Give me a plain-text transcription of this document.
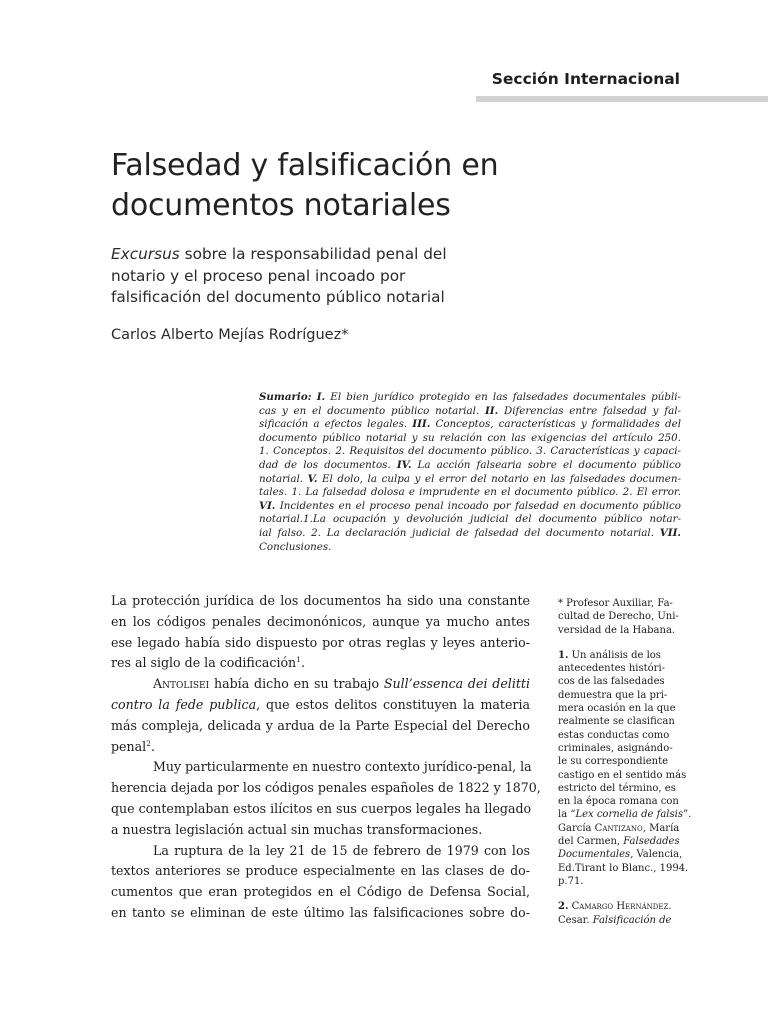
Sección Internacional
Falsedad y falsificación en
documentos notariales
Excursus sobre la responsabilidad penal del
notario y el proceso penal incoado por
falsificación del documento público notarial
Carlos Alberto Mejías Rodríguez*
Sumario: I. El bien jurídico protegido en las falsedades documentales públi-
cas y en el documento público notarial. II. Diferencias entre falsedad y fal-
sificación a efectos legales. III. Conceptos, características y formalidades del
documento público notarial y su relación con las exigencias del artículo 250.
1. Conceptos. 2. Requisitos del documento público. 3. Características y capaci-
dad de los documentos. IV. La acción falsearia sobre el documento público
notarial. V. El dolo, la culpa y el error del notario en las falsedades documen-
tales. 1. La falsedad dolosa e imprudente en el documento público. 2. El error.
VI. Incidentes en el proceso penal incoado por falsedad en documento público
notarial.1.La ocupación y devolución judicial del documento público notar-
ial falso. 2. La declaración judicial de falsedad del documento notarial. VII.
Conclusiones.
La protección jurídica de los documentos ha sido una constante
en los códigos penales decimonónicos, aunque ya mucho antes
ese legado había sido dispuesto por otras reglas y leyes anterio-
res al siglo de la codificación$^1$.
Antolisei había dicho en su trabajo Sull’essenca dei delitti
contro la fede publica, que estos delitos constituyen la materia
más compleja, delicada y ardua de la Parte Especial del Derecho
penal$^2$.
Muy particularmente en nuestro contexto jurídico-penal, la
herencia dejada por los códigos penales españoles de 1822 y 1870,
que contemplaban estos ilícitos en sus cuerpos legales ha llegado
a nuestra legislación actual sin muchas transformaciones.
La ruptura de la ley 21 de 15 de febrero de 1979 con los
textos anteriores se produce especialmente en las clases de do-
cumentos que eran protegidos en el Código de Defensa Social,
en tanto se eliminan de este último las falsificaciones sobre do-
* Profesor Auxiliar, Fa-
cultad de Derecho, Uni-
versidad de la Habana.
1. Un análisis de los
antecedentes históri-
cos de las falsedades
demuestra que la pri-
mera ocasión en la que
realmente se clasifican
estas conductas como
criminales, asignándo-
le su correspondiente
castigo en el sentido más
estricto del término, es
en la época romana con
la “Lex cornelia de falsis”.
García Cantizano, María
del Carmen, Falsedades
Documentales, Valencia,
Ed.Tirant lo Blanc., 1994.
p.71.
2. Camargo Hernández.
Cesar. Falsificación de
